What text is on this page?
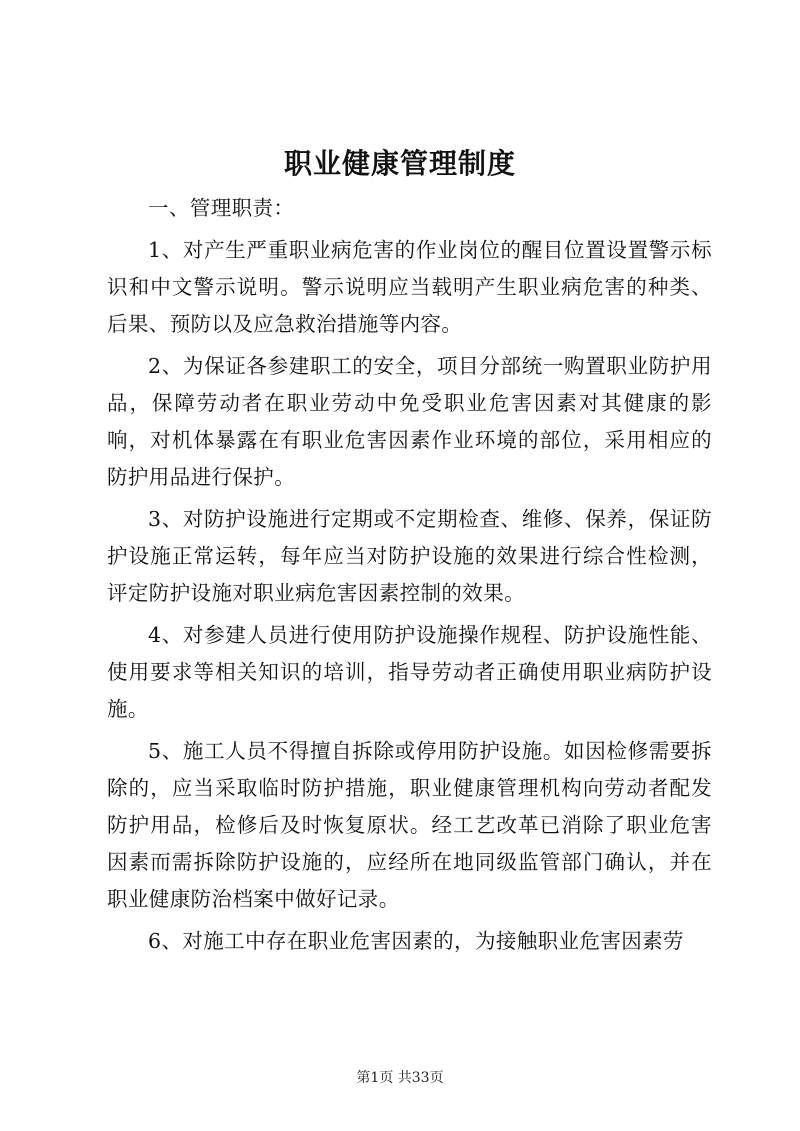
职业健康管理制度

一、管理职责：

1、对产生严重职业病危害的作业岗位的醒目位置设置警示标识和中文警示说明。警示说明应当载明产生职业病危害的种类、后果、预防以及应急救治措施等内容。

2、为保证各参建职工的安全，项目分部统一购置职业防护用品，保障劳动者在职业劳动中免受职业危害因素对其健康的影响，对机体暴露在有职业危害因素作业环境的部位，采用相应的防护用品进行保护。

3、对防护设施进行定期或不定期检查、维修、保养，保证防护设施正常运转，每年应当对防护设施的效果进行综合性检测，评定防护设施对职业病危害因素控制的效果。

4、对参建人员进行使用防护设施操作规程、防护设施性能、使用要求等相关知识的培训，指导劳动者正确使用职业病防护设施。

5、施工人员不得擅自拆除或停用防护设施。如因检修需要拆除的，应当采取临时防护措施，职业健康管理机构向劳动者配发防护用品，检修后及时恢复原状。经工艺改革已消除了职业危害因素而需拆除防护设施的，应经所在地同级监管部门确认，并在职业健康防治档案中做好记录。

6、对施工中存在职业危害因素的，为接触职业危害因素劳

第1页 共33页
